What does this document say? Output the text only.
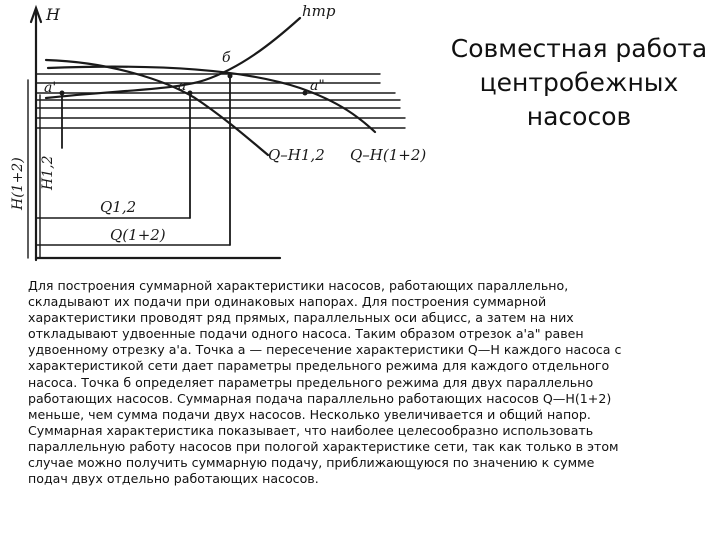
H	hтр
a'	a
б
a"
Q–H1,2 Q–H(1+2)
H(1+2) H1,2
Q1,2
Q(1+2)
Совместная работа центробежных насосов

Для построения суммарной характеристики насосов, работающих параллельно,
складывают их подачи при одинаковых напорах. Для построения суммарной
характеристики проводят ряд прямых, параллельных оси абцисс, а затем на них
откладывают удвоенные подачи одного насоса. Таким образом отрезок a'a" равен
удвоенному отрезку a'a. Точка a — пересечение характеристики Q—H каждого насоса с
характеристикой сети дает параметры предельного режима для каждого отдельного
насоса. Точка б определяет параметры предельного режима для двух параллельно
работающих насосов. Суммарная подача параллельно работающих насосов Q—H(1+2)
меньше, чем сумма подачи двух насосов. Несколько увеличивается и общий напор.
Суммарная характеристика показывает, что наиболее целесообразно использовать
параллельную работу насосов при пологой характеристике сети, так как только в этом
случае можно получить суммарную подачу, приближающуюся по значению к сумме
подач двух отдельно работающих насосов.
